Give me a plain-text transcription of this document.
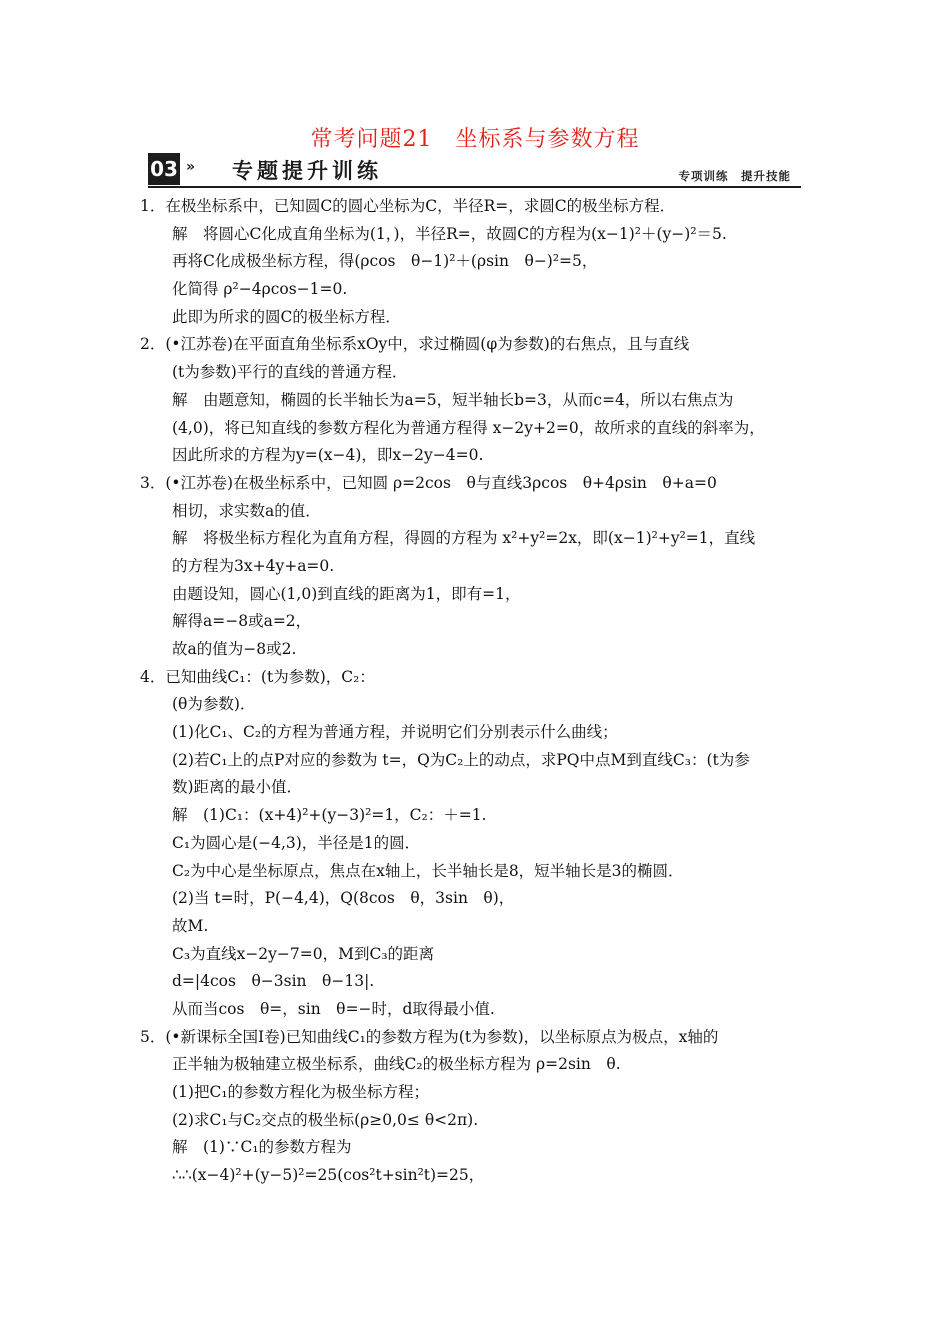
常考问题21　坐标系与参数方程
03 » 专题提升训练	专项训练　提升技能
1．在极坐标系中，已知圆C的圆心坐标为C，半径R=，求圆C的极坐标方程．
解　将圆心C化成直角坐标为(1，)，半径R=，故圆C的方程为(x−1)²＋(y−)²＝5.
再将C化成极坐标方程，得(ρcos　θ−1)²＋(ρsin　θ−)²=5，
化简得 ρ²−4ρcos−1=0.
此即为所求的圆C的极坐标方程．
2．(•江苏卷)在平面直角坐标系xOy中，求过椭圆(φ为参数)的右焦点，且与直线
(t为参数)平行的直线的普通方程．
解　由题意知，椭圆的长半轴长为a=5，短半轴长b=3，从而c=4，所以右焦点为
(4,0)，将已知直线的参数方程化为普通方程得 x−2y+2=0，故所求的直线的斜率为，
因此所求的方程为y=(x−4)，即x−2y−4=0.
3．(•江苏卷)在极坐标系中，已知圆 ρ=2cos　θ与直线3ρcos　θ+4ρsin　θ+a=0
相切，求实数a的值．
解　将极坐标方程化为直角方程，得圆的方程为 x²+y²=2x，即(x−1)²+y²=1，直线
的方程为3x+4y+a=0.
由题设知，圆心(1,0)到直线的距离为1，即有=1，
解得a=−8或a=2，
故a的值为−8或2.
4．已知曲线C₁：(t为参数)，C₂：
(θ为参数)．
(1)化C₁、C₂的方程为普通方程，并说明它们分别表示什么曲线；
(2)若C₁上的点P对应的参数为 t=，Q为C₂上的动点，求PQ中点M到直线C₃：(t为参
数)距离的最小值．
解　(1)C₁：(x+4)²+(y−3)²=1，C₂：＋=1.
C₁为圆心是(−4,3)，半径是1的圆．
C₂为中心是坐标原点，焦点在x轴上，长半轴长是8，短半轴长是3的椭圆．
(2)当 t=时，P(−4,4)，Q(8cos　θ，3sin　θ)，
故M.
C₃为直线x−2y−7=0，M到C₃的距离
d=|4cos　θ−3sin　θ−13|.
从而当cos　θ=，sin　θ=−时，d取得最小值.
5．(•新课标全国Ⅰ卷)已知曲线C₁的参数方程为(t为参数)，以坐标原点为极点，x轴的
正半轴为极轴建立极坐标系，曲线C₂的极坐标方程为 ρ=2sin　θ.
(1)把C₁的参数方程化为极坐标方程；
(2)求C₁与C₂交点的极坐标(ρ≥0,0≤ θ<2π).
解　(1)∵C₁的参数方程为
∴∴(x−4)²+(y−5)²=25(cos²t+sin²t)=25，
